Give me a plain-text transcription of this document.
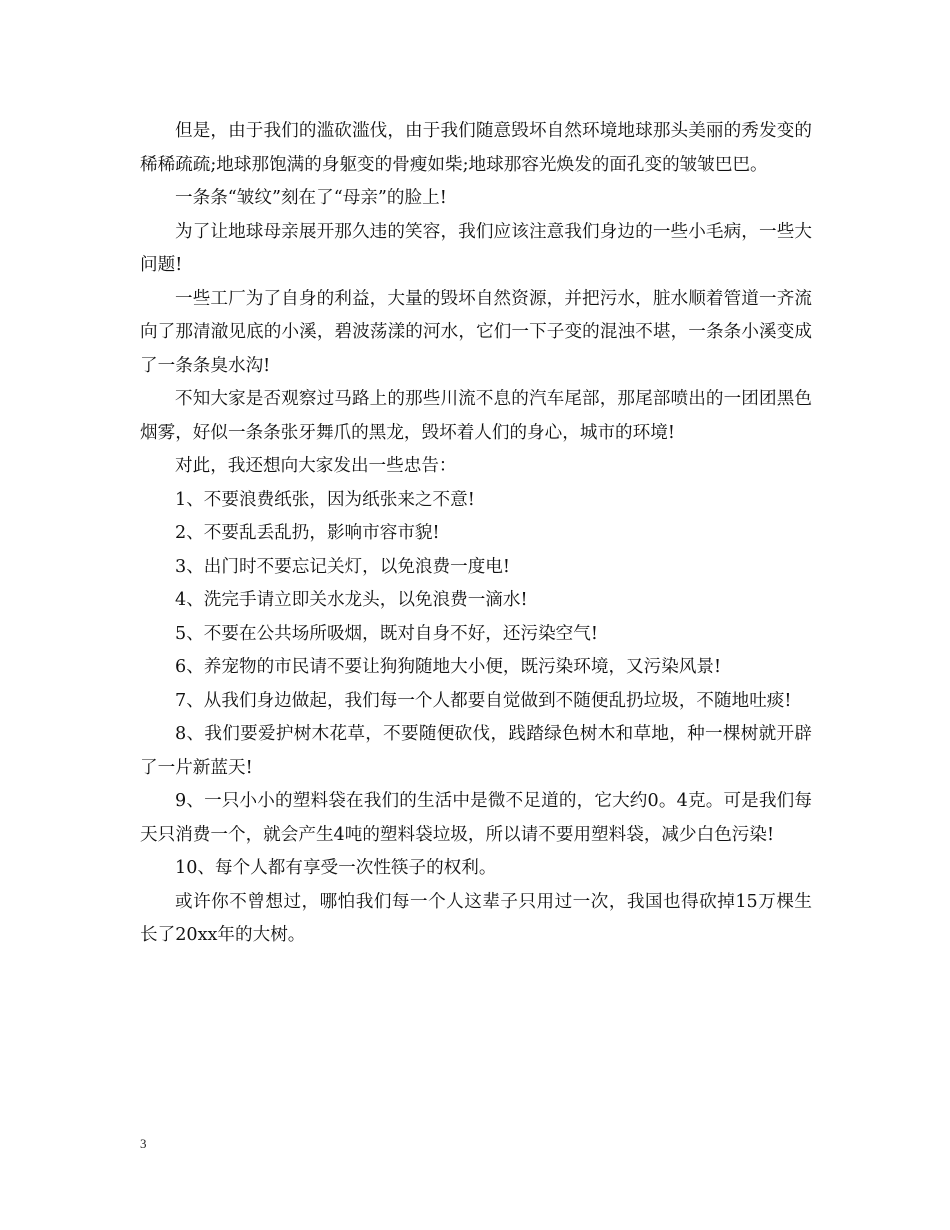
但是，由于我们的滥砍滥伐，由于我们随意毁坏自然环境地球那头美丽的秀发变的稀稀疏疏;地球那饱满的身躯变的骨瘦如柴;地球那容光焕发的面孔变的皱皱巴巴。

一条条“皱纹”刻在了“母亲”的脸上!

为了让地球母亲展开那久违的笑容，我们应该注意我们身边的一些小毛病，一些大问题!

一些工厂为了自身的利益，大量的毁坏自然资源，并把污水，脏水顺着管道一齐流向了那清澈见底的小溪，碧波荡漾的河水，它们一下子变的混浊不堪，一条条小溪变成了一条条臭水沟!

不知大家是否观察过马路上的那些川流不息的汽车尾部，那尾部喷出的一团团黑色烟雾，好似一条条张牙舞爪的黑龙，毁坏着人们的身心，城市的环境!

对此，我还想向大家发出一些忠告：

1、不要浪费纸张，因为纸张来之不意!

2、不要乱丢乱扔，影响市容市貌!

3、出门时不要忘记关灯，以免浪费一度电!

4、洗完手请立即关水龙头，以免浪费一滴水!

5、不要在公共场所吸烟，既对自身不好，还污染空气!

6、养宠物的市民请不要让狗狗随地大小便，既污染环境，又污染风景!

7、从我们身边做起，我们每一个人都要自觉做到不随便乱扔垃圾，不随地吐痰!

8、我们要爱护树木花草，不要随便砍伐，践踏绿色树木和草地，种一棵树就开辟了一片新蓝天!

9、一只小小的塑料袋在我们的生活中是微不足道的，它大约0。4克。可是我们每天只消费一个，就会产生4吨的塑料袋垃圾，所以请不要用塑料袋，减少白色污染!

10、每个人都有享受一次性筷子的权利。

或许你不曾想过，哪怕我们每一个人这辈子只用过一次，我国也得砍掉15万棵生长了20xx年的大树。

3
